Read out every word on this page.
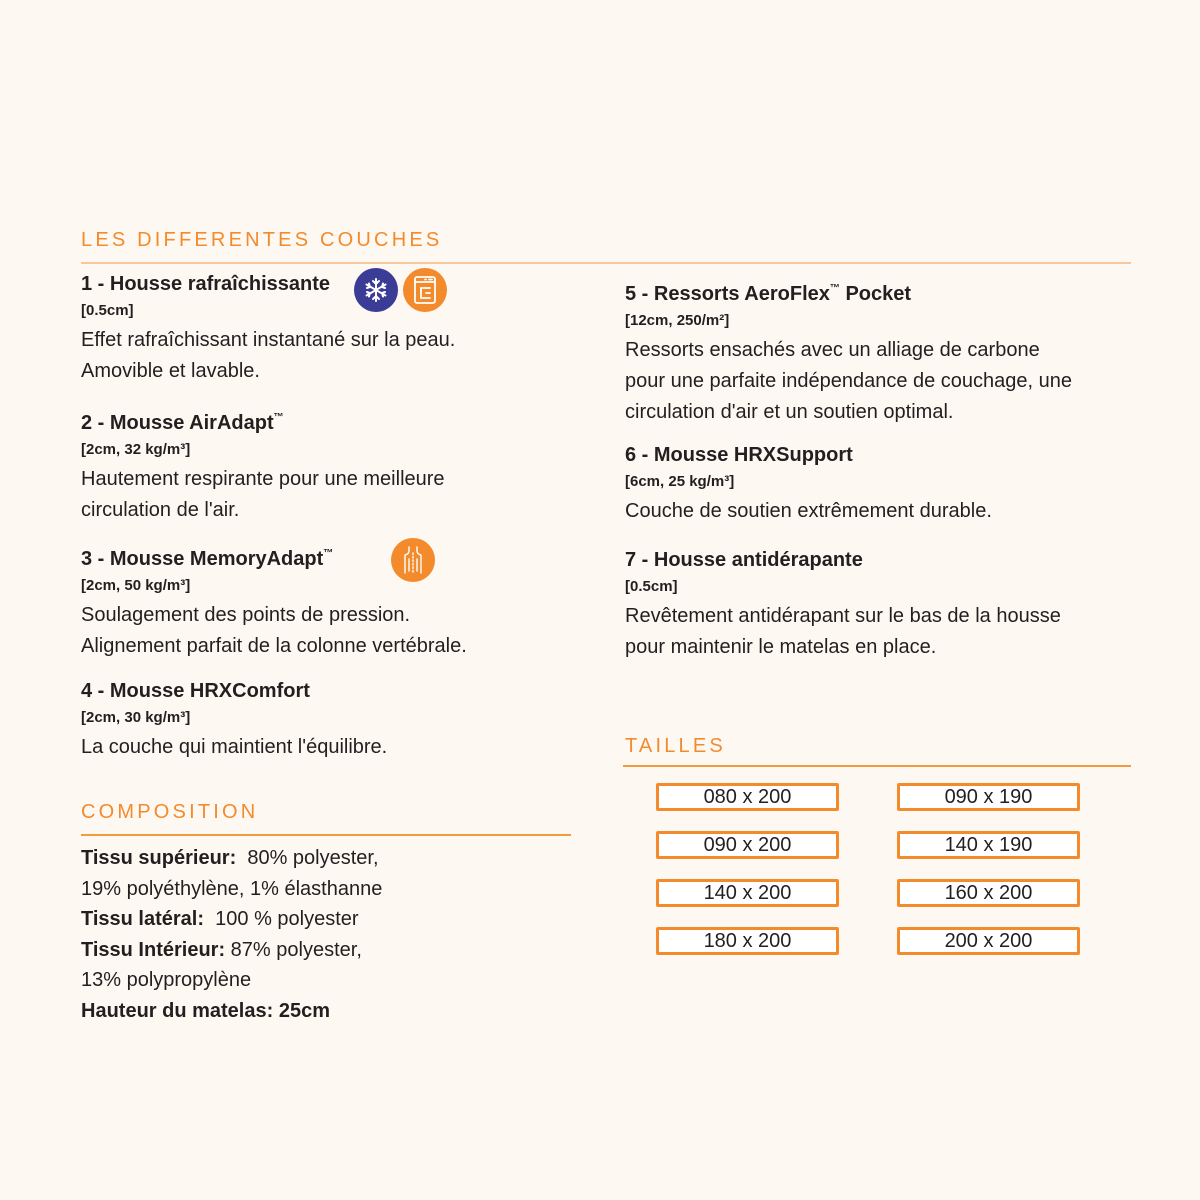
LES DIFFERENTES COUCHES
1 - Housse rafraîchissante
[0.5cm]
Effet rafraîchissant instantané sur la peau.
Amovible et lavable.
2 - Mousse AirAdapt™
[2cm, 32 kg/m³]
Hautement respirante pour une meilleure
circulation de l'air.
3 - Mousse MemoryAdapt™
[2cm, 50 kg/m³]
Soulagement des points de pression.
Alignement parfait de la colonne vertébrale.
4 - Mousse HRXComfort
[2cm, 30 kg/m³]
La couche qui maintient l'équilibre.
5 - Ressorts AeroFlex™ Pocket
[12cm, 250/m²]
Ressorts ensachés avec un alliage de carbone
pour une parfaite indépendance de couchage, une
circulation d'air et un soutien optimal.
6 - Mousse HRXSupport
[6cm, 25 kg/m³]
Couche de soutien extrêmement durable.
7 - Housse antidérapante
[0.5cm]
Revêtement antidérapant sur le bas de la housse
pour maintenir le matelas en place.
COMPOSITION
Tissu supérieur:  80% polyester,
19% polyéthylène, 1% élasthanne
Tissu latéral:  100 % polyester
Tissu Intérieur: 87% polyester,
13% polypropylène
Hauteur du matelas: 25cm
TAILLES
080 x 200	090 x 190
090 x 200	140 x 190
140 x 200	160 x 200
180 x 200	200 x 200
